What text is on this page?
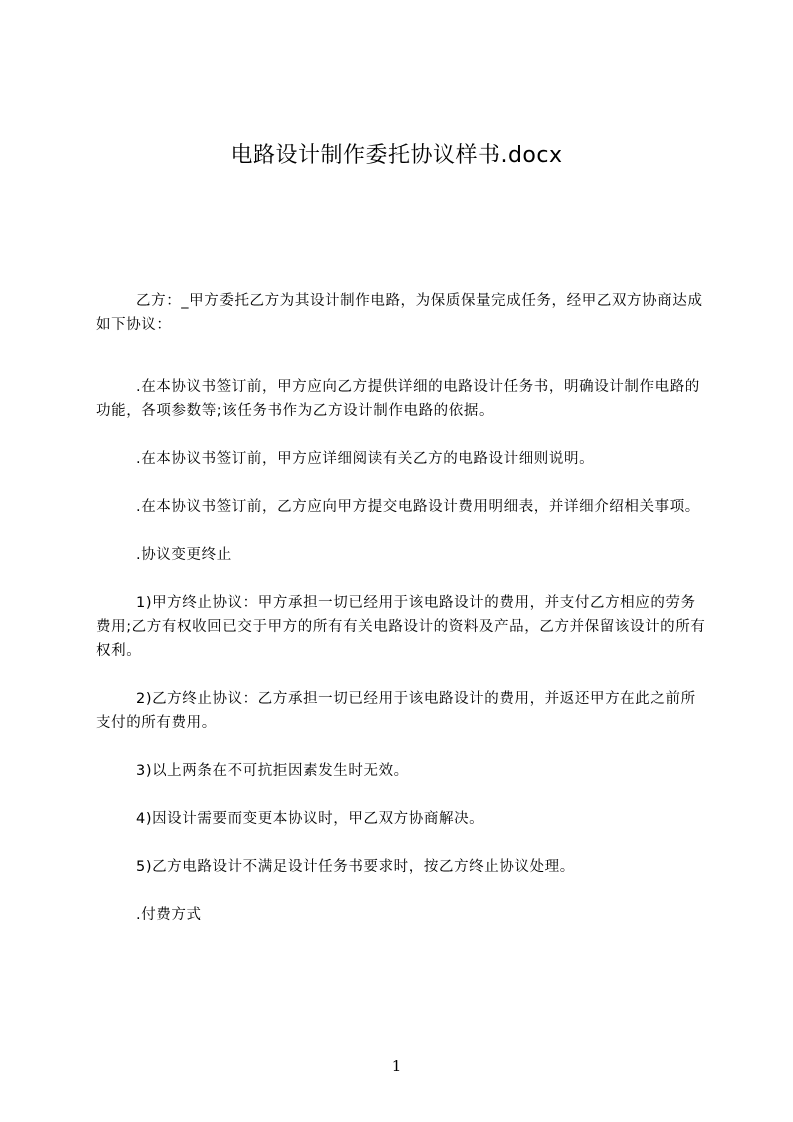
电路设计制作委托协议样书.docx

乙方：_甲方委托乙方为其设计制作电路，为保质保量完成任务，经甲乙双方协商达成如下协议：

.在本协议书签订前，甲方应向乙方提供详细的电路设计任务书，明确设计制作电路的功能，各项参数等;该任务书作为乙方设计制作电路的依据。

.在本协议书签订前，甲方应详细阅读有关乙方的电路设计细则说明。

.在本协议书签订前，乙方应向甲方提交电路设计费用明细表，并详细介绍相关事项。

.协议变更终止

1)甲方终止协议：甲方承担一切已经用于该电路设计的费用，并支付乙方相应的劳务费用;乙方有权收回已交于甲方的所有有关电路设计的资料及产品，乙方并保留该设计的所有权利。

2)乙方终止协议：乙方承担一切已经用于该电路设计的费用，并返还甲方在此之前所支付的所有费用。

3)以上两条在不可抗拒因素发生时无效。

4)因设计需要而变更本协议时，甲乙双方协商解决。

5)乙方电路设计不满足设计任务书要求时，按乙方终止协议处理。

.付费方式

1
